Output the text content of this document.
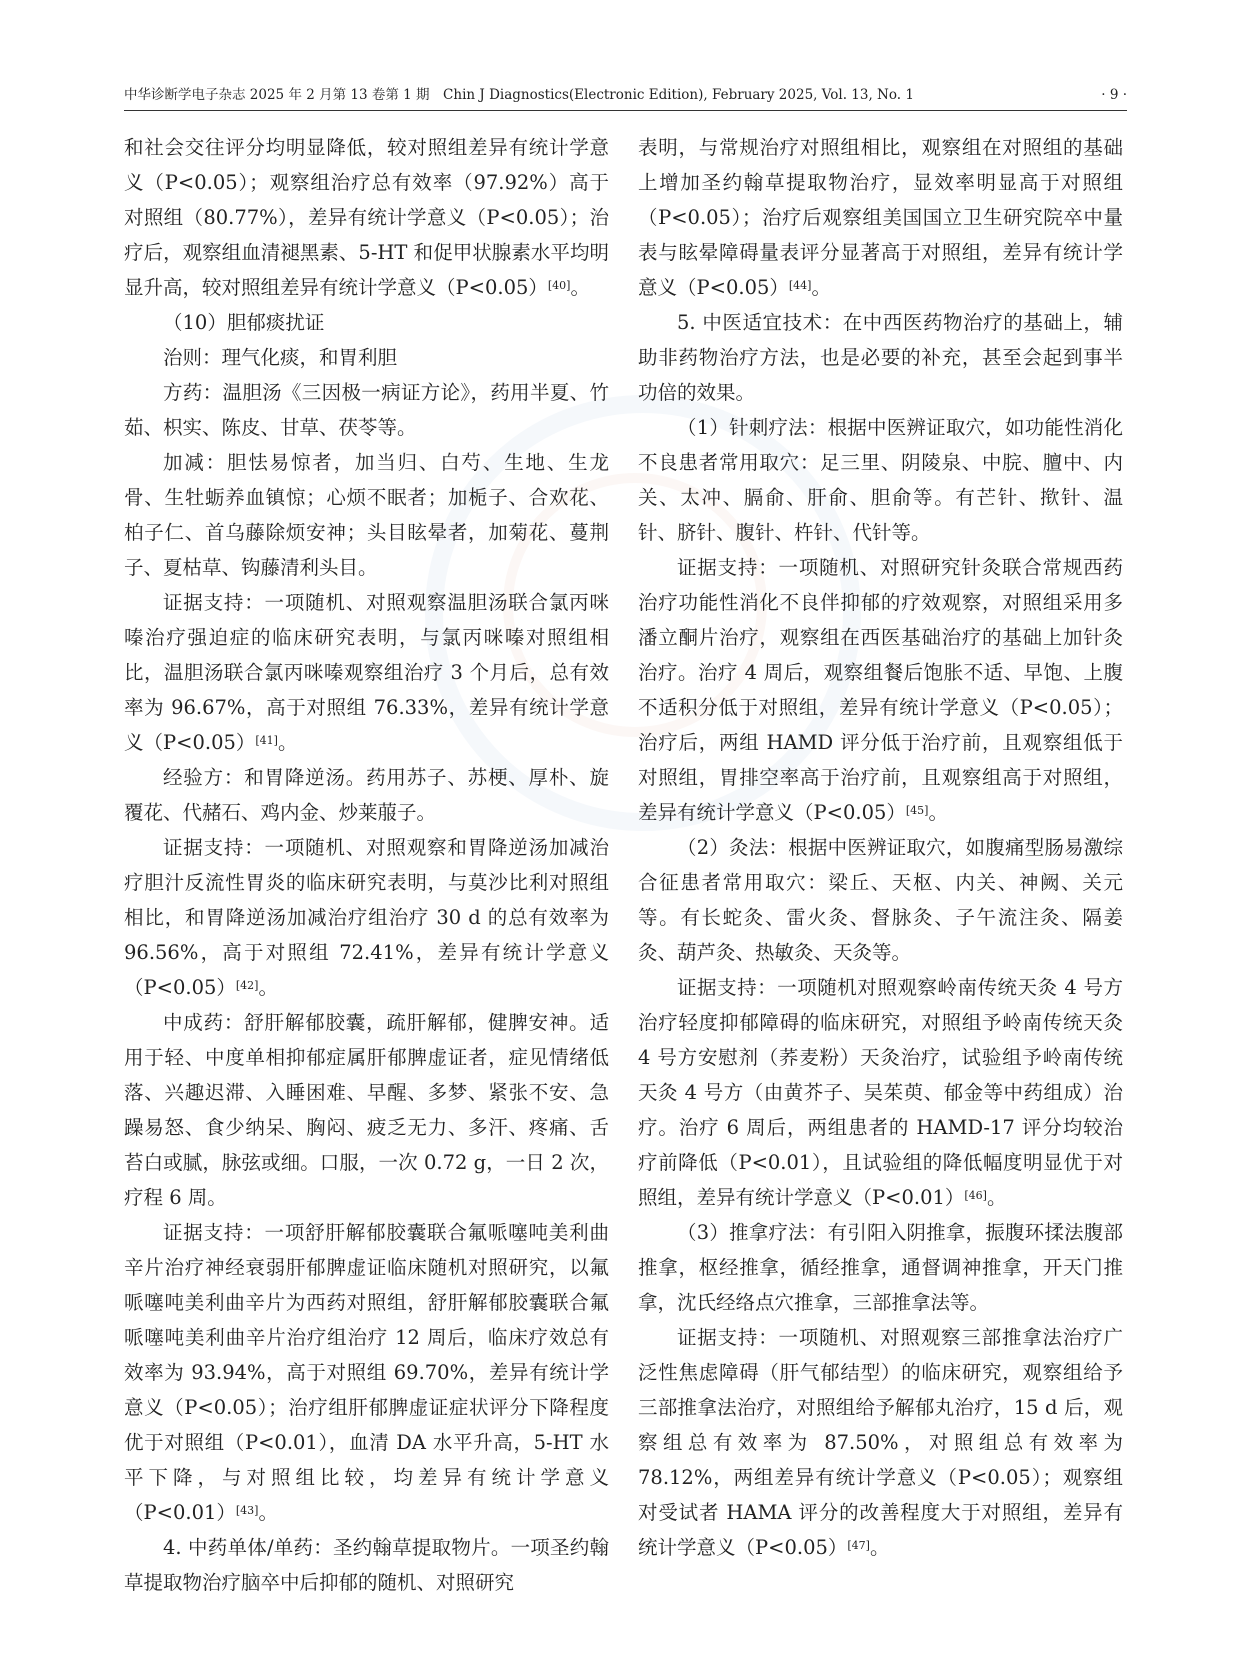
中华诊断学电子杂志 2025 年 2 月第 13 卷第 1 期　Chin J Diagnostics(Electronic Edition), February 2025, Vol. 13, No. 1	· 9 ·

和社会交往评分均明显降低，较对照组差异有统计学意义（P<0.05）；观察组治疗总有效率（97.92%）高于对照组（80.77%），差异有统计学意义（P<0.05）；治疗后，观察组血清褪黑素、5-HT 和促甲状腺素水平均明显升高，较对照组差异有统计学意义（P<0.05）[40]。

（10）胆郁痰扰证

治则：理气化痰，和胃利胆

方药：温胆汤《三因极一病证方论》，药用半夏、竹茹、枳实、陈皮、甘草、茯苓等。

加减：胆怯易惊者，加当归、白芍、生地、生龙骨、生牡蛎养血镇惊；心烦不眠者；加栀子、合欢花、柏子仁、首乌藤除烦安神；头目眩晕者，加菊花、蔓荆子、夏枯草、钩藤清利头目。

证据支持：一项随机、对照观察温胆汤联合氯丙咪嗪治疗强迫症的临床研究表明，与氯丙咪嗪对照组相比，温胆汤联合氯丙咪嗪观察组治疗 3 个月后，总有效率为 96.67%，高于对照组 76.33%，差异有统计学意义（P<0.05）[41]。

经验方：和胃降逆汤。药用苏子、苏梗、厚朴、旋覆花、代赭石、鸡内金、炒莱菔子。

证据支持：一项随机、对照观察和胃降逆汤加减治疗胆汁反流性胃炎的临床研究表明，与莫沙比利对照组相比，和胃降逆汤加减治疗组治疗 30 d 的总有效率为 96.56%，高于对照组 72.41%，差异有统计学意义（P<0.05）[42]。

中成药：舒肝解郁胶囊，疏肝解郁，健脾安神。适用于轻、中度单相抑郁症属肝郁脾虚证者，症见情绪低落、兴趣迟滞、入睡困难、早醒、多梦、紧张不安、急躁易怒、食少纳呆、胸闷、疲乏无力、多汗、疼痛、舌苔白或腻，脉弦或细。口服，一次 0.72 g，一日 2 次，疗程 6 周。

证据支持：一项舒肝解郁胶囊联合氟哌噻吨美利曲辛片治疗神经衰弱肝郁脾虚证临床随机对照研究，以氟哌噻吨美利曲辛片为西药对照组，舒肝解郁胶囊联合氟哌噻吨美利曲辛片治疗组治疗 12 周后，临床疗效总有效率为 93.94%，高于对照组 69.70%，差异有统计学意义（P<0.05）；治疗组肝郁脾虚证症状评分下降程度优于对照组（P<0.01），血清 DA 水平升高，5-HT 水平下降，与对照组比较，均差异有统计学意义（P<0.01）[43]。

4. 中药单体/单药：圣约翰草提取物片。一项圣约翰草提取物治疗脑卒中后抑郁的随机、对照研究

表明，与常规治疗对照组相比，观察组在对照组的基础上增加圣约翰草提取物治疗，显效率明显高于对照组（P<0.05）；治疗后观察组美国国立卫生研究院卒中量表与眩晕障碍量表评分显著高于对照组，差异有统计学意义（P<0.05）[44]。

5. 中医适宜技术：在中西医药物治疗的基础上，辅助非药物治疗方法，也是必要的补充，甚至会起到事半功倍的效果。

（1）针刺疗法：根据中医辨证取穴，如功能性消化不良患者常用取穴：足三里、阴陵泉、中脘、膻中、内关、太冲、膈俞、肝俞、胆俞等。有芒针、揿针、温针、脐针、腹针、杵针、代针等。

证据支持：一项随机、对照研究针灸联合常规西药治疗功能性消化不良伴抑郁的疗效观察，对照组采用多潘立酮片治疗，观察组在西医基础治疗的基础上加针灸治疗。治疗 4 周后，观察组餐后饱胀不适、早饱、上腹不适积分低于对照组，差异有统计学意义（P<0.05）；治疗后，两组 HAMD 评分低于治疗前，且观察组低于对照组，胃排空率高于治疗前，且观察组高于对照组，差异有统计学意义（P<0.05）[45]。

（2）灸法：根据中医辨证取穴，如腹痛型肠易激综合征患者常用取穴：梁丘、天枢、内关、神阙、关元等。有长蛇灸、雷火灸、督脉灸、子午流注灸、隔姜灸、葫芦灸、热敏灸、天灸等。

证据支持：一项随机对照观察岭南传统天灸 4 号方治疗轻度抑郁障碍的临床研究，对照组予岭南传统天灸 4 号方安慰剂（荞麦粉）天灸治疗，试验组予岭南传统天灸 4 号方（由黄芥子、吴茱萸、郁金等中药组成）治疗。治疗 6 周后，两组患者的 HAMD-17 评分均较治疗前降低（P<0.01），且试验组的降低幅度明显优于对照组，差异有统计学意义（P<0.01）[46]。

（3）推拿疗法：有引阳入阴推拿，振腹环揉法腹部推拿，枢经推拿，循经推拿，通督调神推拿，开天门推拿，沈氏经络点穴推拿，三部推拿法等。

证据支持：一项随机、对照观察三部推拿法治疗广泛性焦虑障碍（肝气郁结型）的临床研究，观察组给予三部推拿法治疗，对照组给予解郁丸治疗，15 d 后，观察组总有效率为 87.50%，对照组总有效率为 78.12%，两组差异有统计学意义（P<0.05）；观察组对受试者 HAMA 评分的改善程度大于对照组，差异有统计学意义（P<0.05）[47]。
